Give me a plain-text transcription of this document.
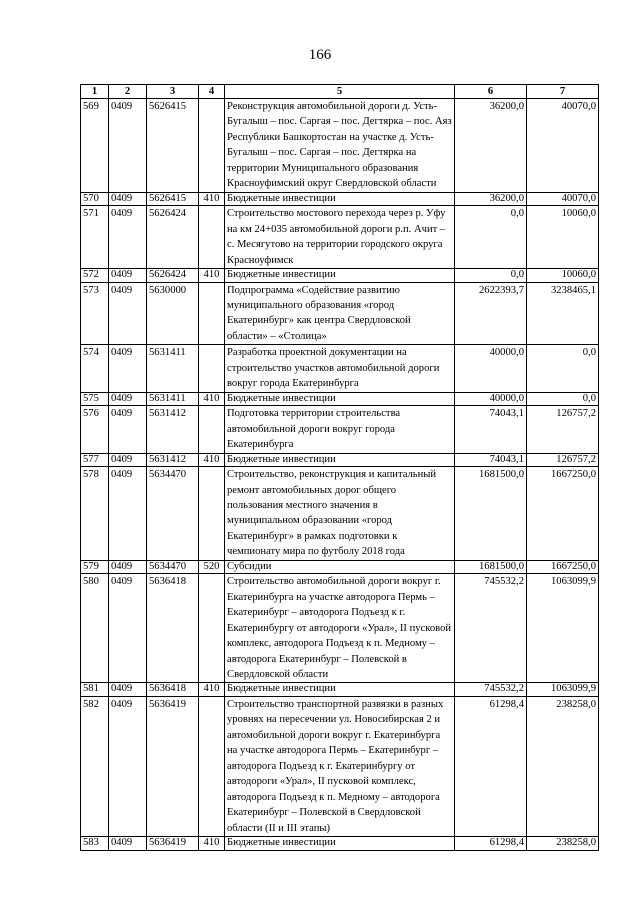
166
1	2	3	4	5	6	7
569	0409	5626415		Реконструкция автомобильной дороги д. Усть-Бугалыш – пос. Саргая – пос. Дегтярка – пос. Аяз Республики Башкортостан на участке д. Усть-Бугалыш – пос. Саргая – пос. Дегтярка на территории Муниципального образования Красноуфимский округ Свердловской области	36200,0	40070,0
570	0409	5626415	410	Бюджетные инвестиции	36200,0	40070,0
571	0409	5626424		Строительство мостового перехода через р. Уфу на км 24+035 автомобильной дороги р.п. Ачит – с. Месягутово на территории городского округа Красноуфимск	0,0	10060,0
572	0409	5626424	410	Бюджетные инвестиции	0,0	10060,0
573	0409	5630000		Подпрограмма «Содействие развитию муниципального образования «город Екатеринбург» как центра Свердловской области» – «Столица»	2622393,7	3238465,1
574	0409	5631411		Разработка проектной документации на строительство участков автомобильной дороги вокруг города Екатеринбурга	40000,0	0,0
575	0409	5631411	410	Бюджетные инвестиции	40000,0	0,0
576	0409	5631412		Подготовка территории строительства автомобильной дороги вокруг города Екатеринбурга	74043,1	126757,2
577	0409	5631412	410	Бюджетные инвестиции	74043,1	126757,2
578	0409	5634470		Строительство, реконструкция и капитальный ремонт автомобильных дорог общего пользования местного значения в муниципальном образовании «город Екатеринбург» в рамках подготовки к чемпионату мира по футболу 2018 года	1681500,0	1667250,0
579	0409	5634470	520	Субсидии	1681500,0	1667250,0
580	0409	5636418		Строительство автомобильной дороги вокруг г. Екатеринбурга на участке автодорога Пермь – Екатеринбург – автодорога Подъезд к г. Екатеринбургу от автодороги «Урал», II пусковой комплекс, автодорога Подъезд к п. Медному – автодорога Екатеринбург – Полевской в Свердловской области	745532,2	1063099,9
581	0409	5636418	410	Бюджетные инвестиции	745532,2	1063099,9
582	0409	5636419		Строительство транспортной развязки в разных уровнях на пересечении ул. Новосибирская 2 и автомобильной дороги вокруг г. Екатеринбурга на участке автодорога Пермь – Екатеринбург – автодорога Подъезд к г. Екатеринбургу от автодороги «Урал», II пусковой комплекс, автодорога Подъезд к п. Медному – автодорога Екатеринбург – Полевской в Свердловской области (II и III этапы)	61298,4	238258,0
583	0409	5636419	410	Бюджетные инвестиции	61298,4	238258,0
